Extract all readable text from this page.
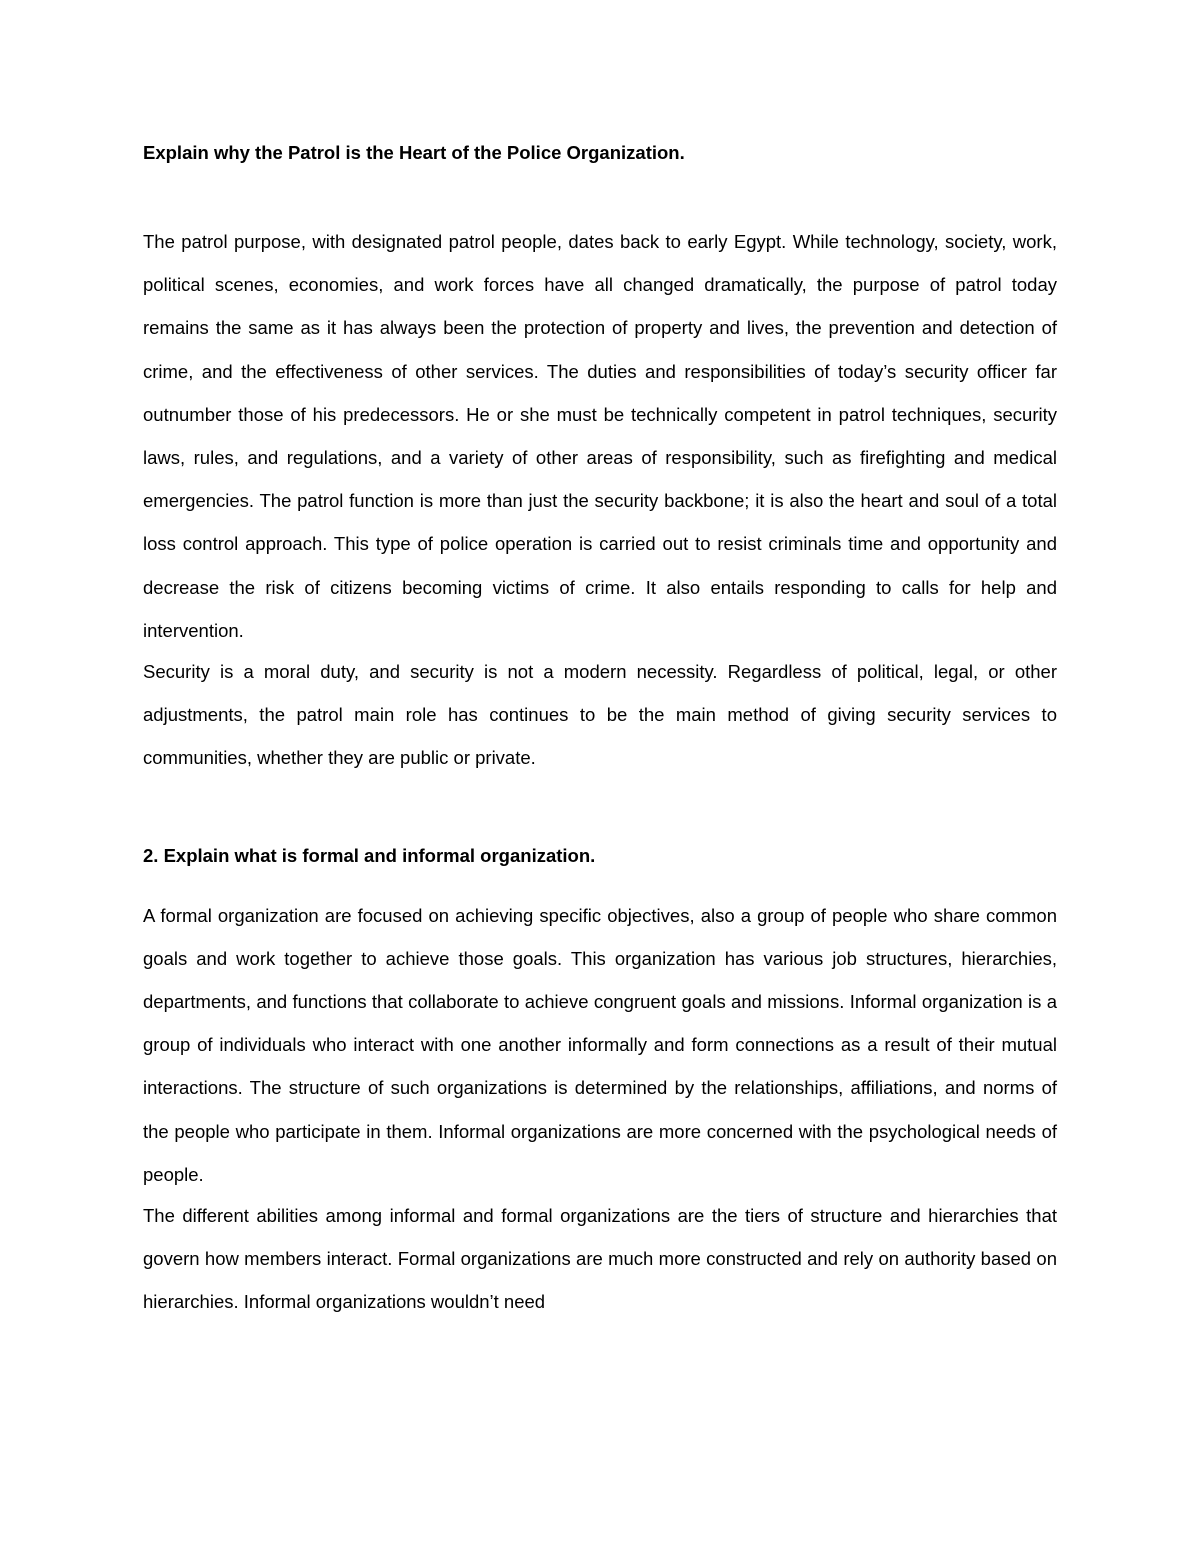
Explain why the Patrol is the Heart of the Police Organization.

The patrol purpose, with designated patrol people, dates back to early Egypt. While technology, society, work, political scenes, economies, and work forces have all changed dramatically, the purpose of patrol today remains the same as it has always been the protection of property and lives, the prevention and detection of crime, and the effectiveness of other services. The duties and responsibilities of today’s security officer far outnumber those of his predecessors. He or she must be technically competent in patrol techniques, security laws, rules, and regulations, and a variety of other areas of responsibility, such as firefighting and medical emergencies. The patrol function is more than just the security backbone; it is also the heart and soul of a total loss control approach. This type of police operation is carried out to resist criminals time and opportunity and decrease the risk of citizens becoming victims of crime. It also entails responding to calls for help and intervention.

Security is a moral duty, and security is not a modern necessity. Regardless of political, legal, or other adjustments, the patrol main role has continues to be the main method of giving security services to communities, whether they are public or private.

2. Explain what is formal and informal organization.

A formal organization are focused on achieving specific objectives, also a group of people who share common goals and work together to achieve those goals. This organization has various job structures, hierarchies, departments, and functions that collaborate to achieve congruent goals and missions. Informal organization is a group of individuals who interact with one another informally and form connections as a result of their mutual interactions. The structure of such organizations is determined by the relationships, affiliations, and norms of the people who participate in them. Informal organizations are more concerned with the psychological needs of people.

The different abilities among informal and formal organizations are the tiers of structure and hierarchies that govern how members interact. Formal organizations are much more constructed and rely on authority based on hierarchies. Informal organizations wouldn’t need
